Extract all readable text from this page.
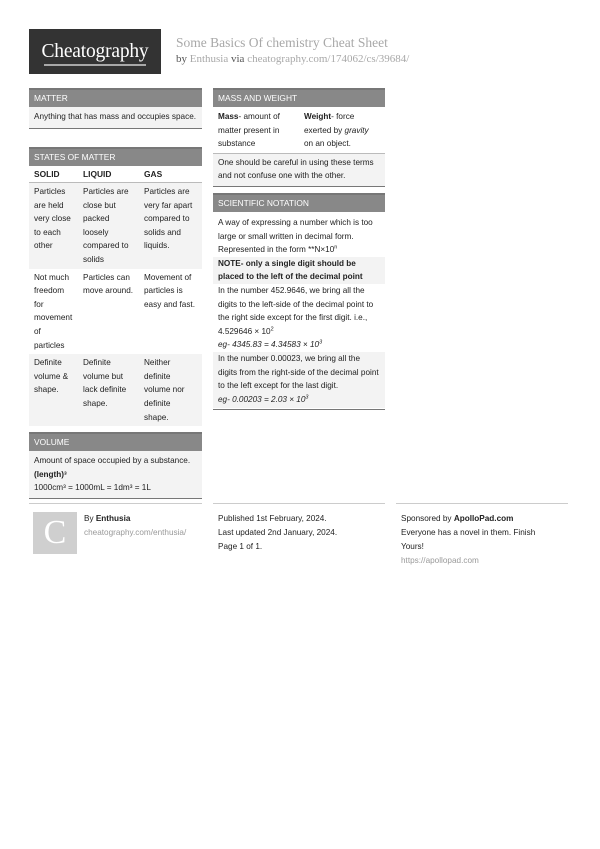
Cheatography	Some Basics Of chemistry Cheat Sheet
by Enthusia via cheatography.com/174062/cs/39684/
MATTER
Anything that has mass and occupies space.
STATES OF MATTER
SOLID	LIQUID	GAS
Particles are held very close to each other	Particles are close but packed loosely compared to solids	Particles are very far apart compared to solids and liquids.
Not much freedom for movement of particles	Particles can move around.	Movement of particles is easy and fast.
Definite volume & shape.	Definite volume but lack definite shape.	Neither definite volume nor definite shape.
VOLUME
Amount of space occupied by a substance.
(length)³
1000cm³ = 1000mL = 1dm³ = 1L
MASS AND WEIGHT
Mass- amount of matter present in substance	Weight- force exerted by gravity on an object.
One should be careful in using these terms and not confuse one with the other.
SCIENTIFIC NOTATION
A way of expressing a number which is too large or small written in decimal form. Represented in the form $**N\times 10^n$
NOTE- only a single digit should be placed to the left of the decimal point
In the number 452.9646, we bring all the digits to the left-side of the decimal point to the right side except for the first digit. i.e., $4.529646 \times 10^2$
eg- $4345.83 = 4.34583 \times 10^3$
In the number 0.00023, we bring all the digits from the right-side of the decimal point to the left except for the last digit.
eg- $0.00203 = 2.03 \times 10^3$
C	By Enthusia
cheatography.com/enthusia/
Published 1st February, 2024.
Last updated 2nd January, 2024.
Page 1 of 1.
Sponsored by ApolloPad.com
Everyone has a novel in them. Finish
Yours!
https://apollopad.com
